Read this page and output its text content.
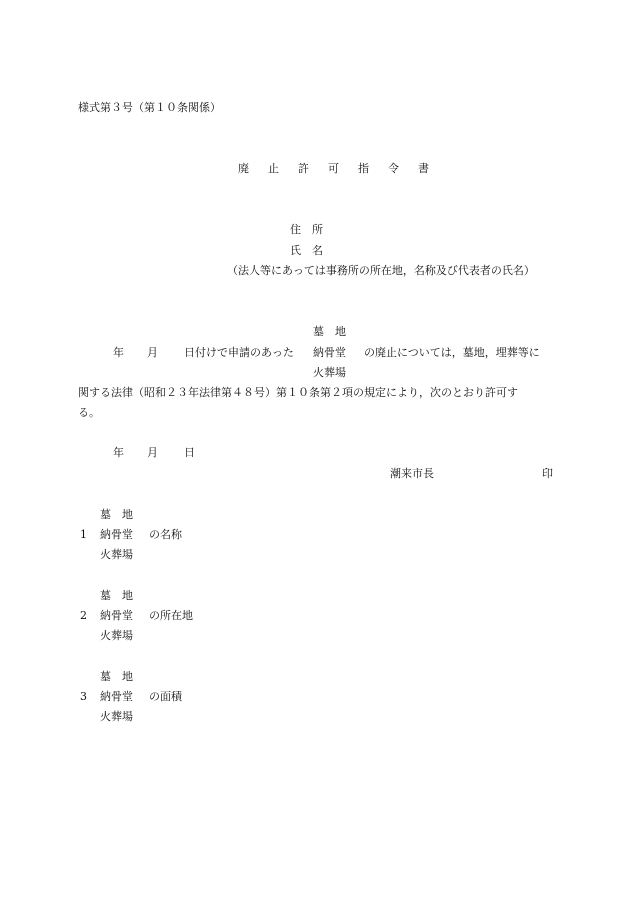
様式第３号（第１０条関係）
廃 止 許 可 指 令 書
住　所
氏　名
（法人等にあっては事務所の所在地，名称及び代表者の氏名）
墓　地
年 月 日付けで申請のあった 納骨堂 の廃止については，墓地，埋葬等に
火葬場
関する法律（昭和２３年法律第４８号）第１０条第２項の規定により，次のとおり許可す
る。
年 月 日
潮来市長	印
墓　地
1 納骨堂 の名称
火葬場
墓　地
2 納骨堂 の所在地
火葬場
墓　地
3 納骨堂 の面積
火葬場
